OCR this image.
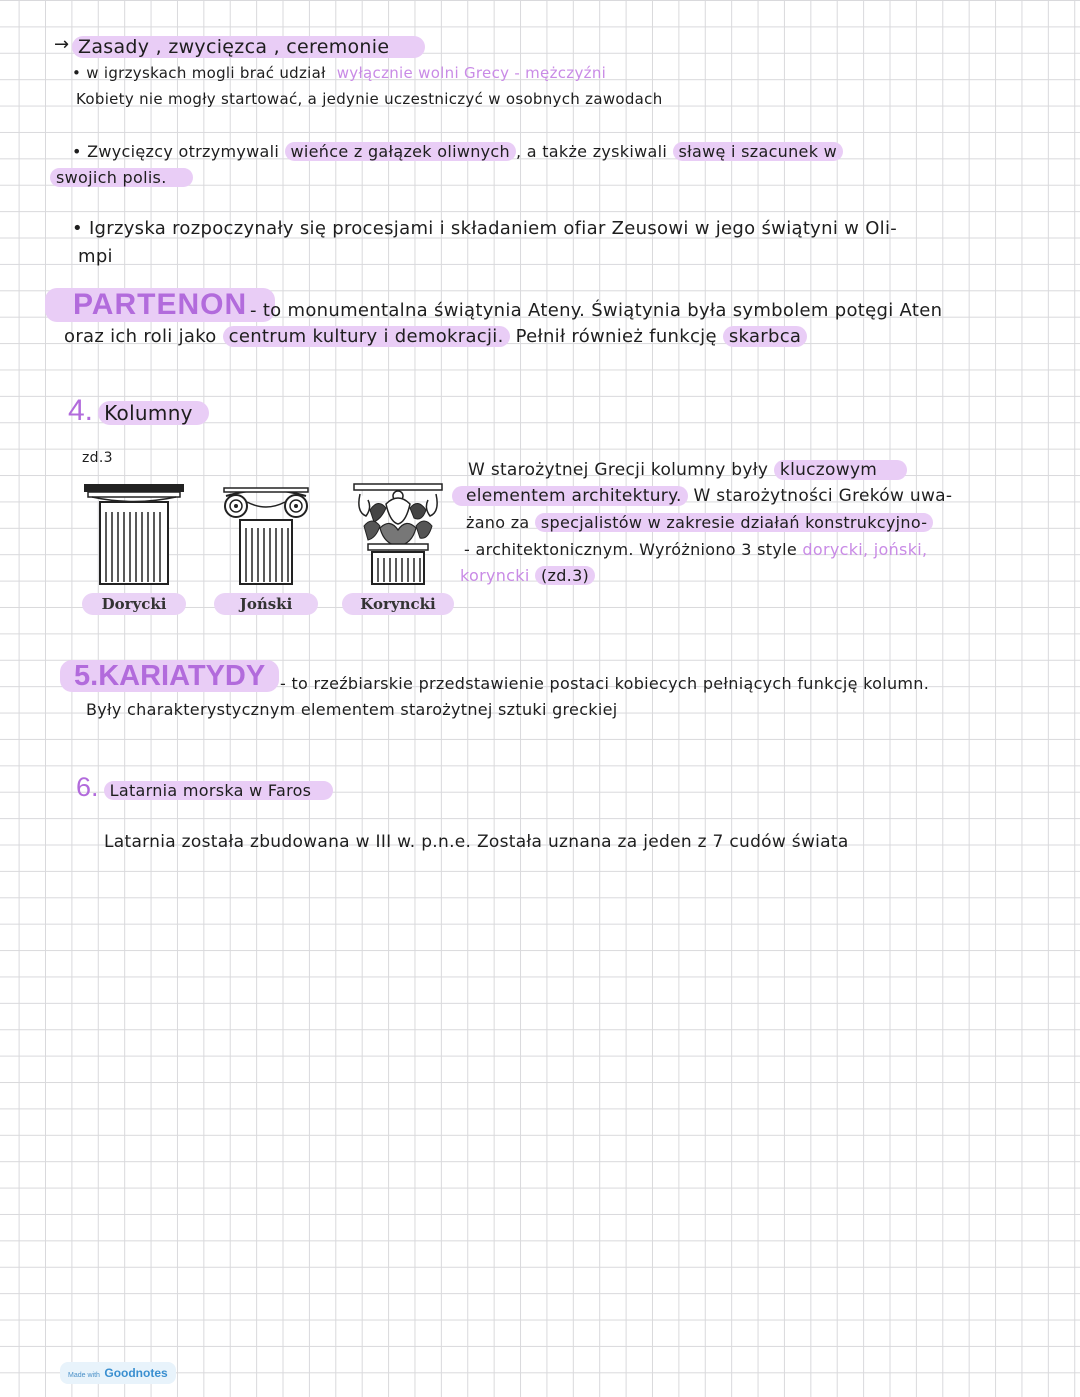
→ Zasady , zwycięzca , ceremonie
• w igrzyskach mogli brać udział wyłącznie wolni Grecy - mężczyźni
Kobiety nie mogły startować, a jedynie uczestniczyć w osobnych zawodach
• Zwycięzcy otrzymywali wieńce z gałązek oliwnych , a także zyskiwali sławę i szacunek w
swojich polis.
• Igrzyska rozpoczynały się procesjami i składaniem ofiar Zeusowi w jego świątyni w Oli-
mpi
PARTENON - to monumentalna świątynia Ateny. Świątynia była symbolem potęgi Aten
oraz ich roli jako centrum kultury i demokracji. Pełnił również funkcję skarbca
4. Kolumny
zd.3
Dorycki	Joński	Koryncki
W starożytnej Grecji kolumny były kluczowym
elementem architektury. W starożytności Greków uwa-
żano za specjalistów w zakresie działań konstrukcyjno-
- architektonicznym. Wyróżniono 3 style dorycki, joński,
koryncki (zd.3)
5.KARIATYDY - to rzeźbiarskie przedstawienie postaci kobiecych pełniących funkcję kolumn.
Były charakterystycznym elementem starożytnej sztuki greckiej
6. Latarnia morska w Faros
Latarnia została zbudowana w III w. p.n.e. Została uznana za jeden z 7 cudów świata
Made with Goodnotes
